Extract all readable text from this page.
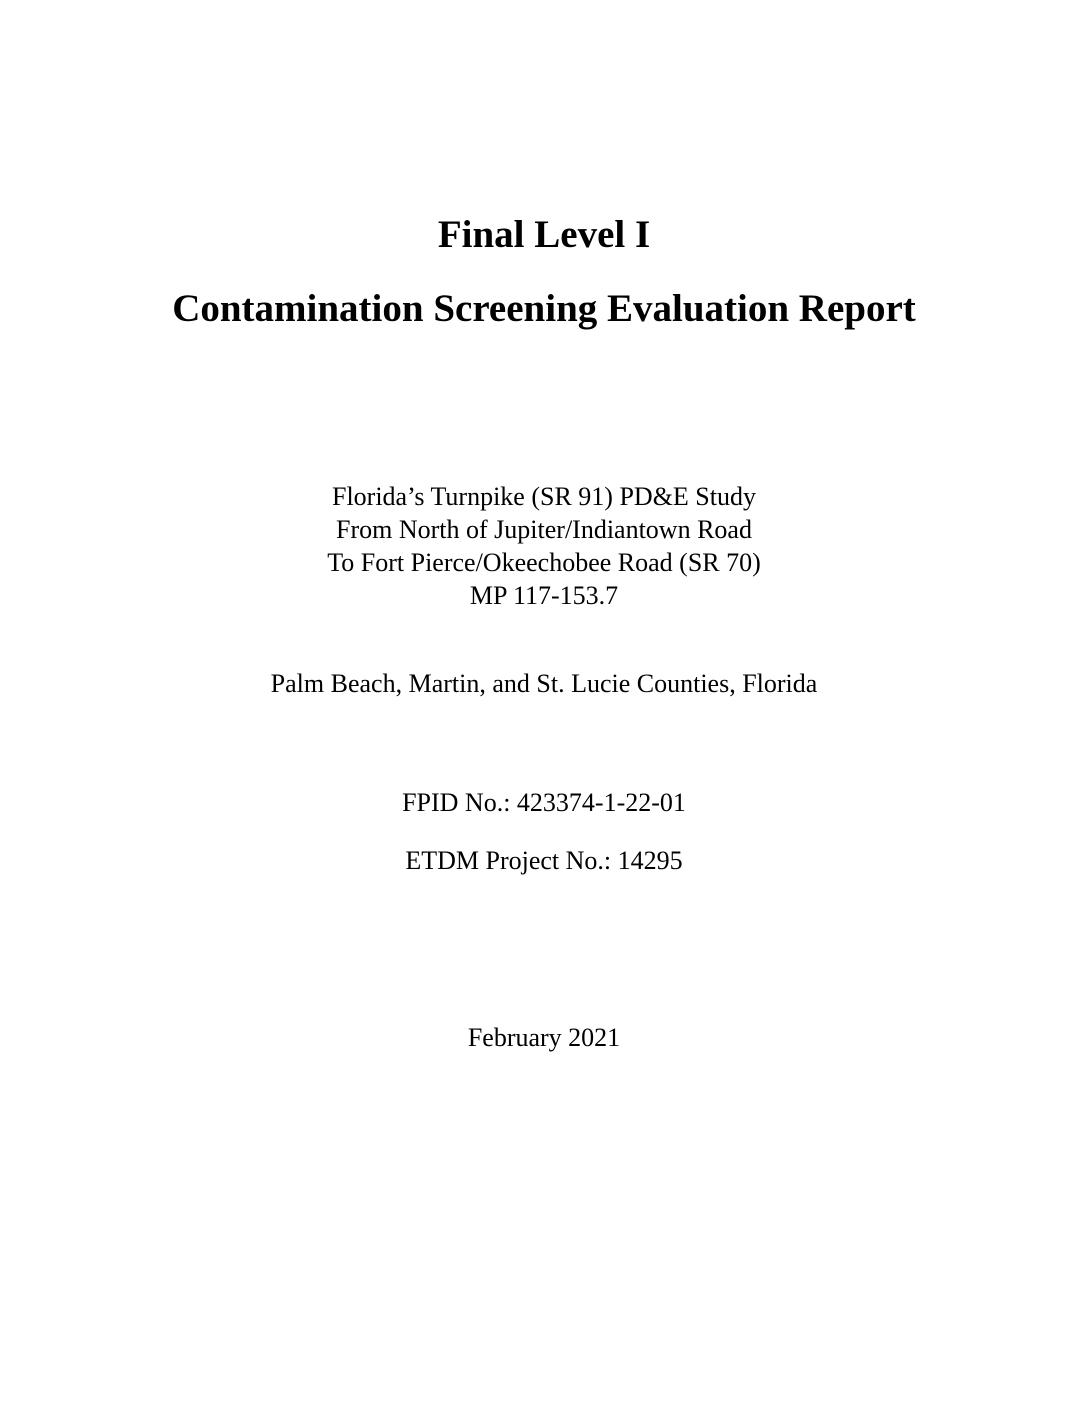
Final Level I
Contamination Screening Evaluation Report
Florida’s Turnpike (SR 91) PD&E Study
From North of Jupiter/Indiantown Road
To Fort Pierce/Okeechobee Road (SR 70)
MP 117-153.7
Palm Beach, Martin, and St. Lucie Counties, Florida
FPID No.: 423374-1-22-01
ETDM Project No.: 14295
February 2021
